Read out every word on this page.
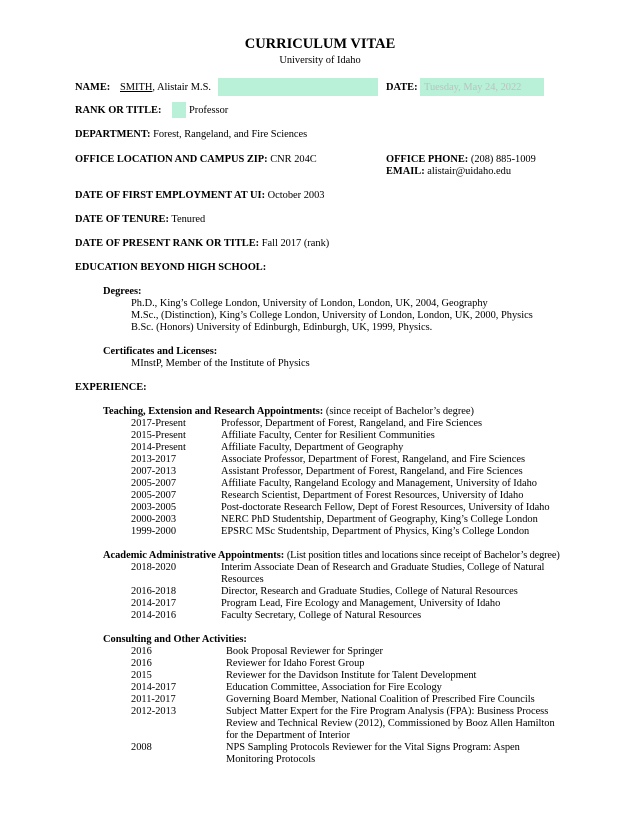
CURRICULUM VITAE
University of Idaho
NAME: SMITH, Alistair M.S.	DATE: Tuesday, May 24, 2022
RANK OR TITLE:	Professor
DEPARTMENT: Forest, Rangeland, and Fire Sciences
OFFICE LOCATION AND CAMPUS ZIP: CNR 204C	OFFICE PHONE: (208) 885-1009
EMAIL: alistair@uidaho.edu
DATE OF FIRST EMPLOYMENT AT UI: October 2003
DATE OF TENURE: Tenured
DATE OF PRESENT RANK OR TITLE: Fall 2017 (rank)
EDUCATION BEYOND HIGH SCHOOL:
Degrees:
Ph.D., King’s College London, University of London, London, UK, 2004, Geography
M.Sc., (Distinction), King’s College London, University of London, London, UK, 2000, Physics
B.Sc. (Honors) University of Edinburgh, Edinburgh, UK, 1999, Physics.
Certificates and Licenses:
MInstP, Member of the Institute of Physics
EXPERIENCE:
Teaching, Extension and Research Appointments: (since receipt of Bachelor’s degree)
2017-Present	Professor, Department of Forest, Rangeland, and Fire Sciences
2015-Present	Affiliate Faculty, Center for Resilient Communities
2014-Present	Affiliate Faculty, Department of Geography
2013-2017	Associate Professor, Department of Forest, Rangeland, and Fire Sciences
2007-2013	Assistant Professor, Department of Forest, Rangeland, and Fire Sciences
2005-2007	Affiliate Faculty, Rangeland Ecology and Management, University of Idaho
2005-2007	Research Scientist, Department of Forest Resources, University of Idaho
2003-2005	Post-doctorate Research Fellow, Dept of Forest Resources, University of Idaho
2000-2003	NERC PhD Studentship, Department of Geography, King’s College London
1999-2000	EPSRC MSc Studentship, Department of Physics, King’s College London
Academic Administrative Appointments: (List position titles and locations since receipt of Bachelor’s degree)
2018-2020	Interim Associate Dean of Research and Graduate Studies, College of Natural
Resources
2016-2018	Director, Research and Graduate Studies, College of Natural Resources
2014-2017	Program Lead, Fire Ecology and Management, University of Idaho
2014-2016	Faculty Secretary, College of Natural Resources
Consulting and Other Activities:
2016	Book Proposal Reviewer for Springer
2016	Reviewer for Idaho Forest Group
2015	Reviewer for the Davidson Institute for Talent Development
2014-2017	Education Committee, Association for Fire Ecology
2011-2017	Governing Board Member, National Coalition of Prescribed Fire Councils
2012-2013	Subject Matter Expert for the Fire Program Analysis (FPA): Business Process
Review and Technical Review (2012), Commissioned by Booz Allen Hamilton
for the Department of Interior
2008	NPS Sampling Protocols Reviewer for the Vital Signs Program: Aspen
Monitoring Protocols
